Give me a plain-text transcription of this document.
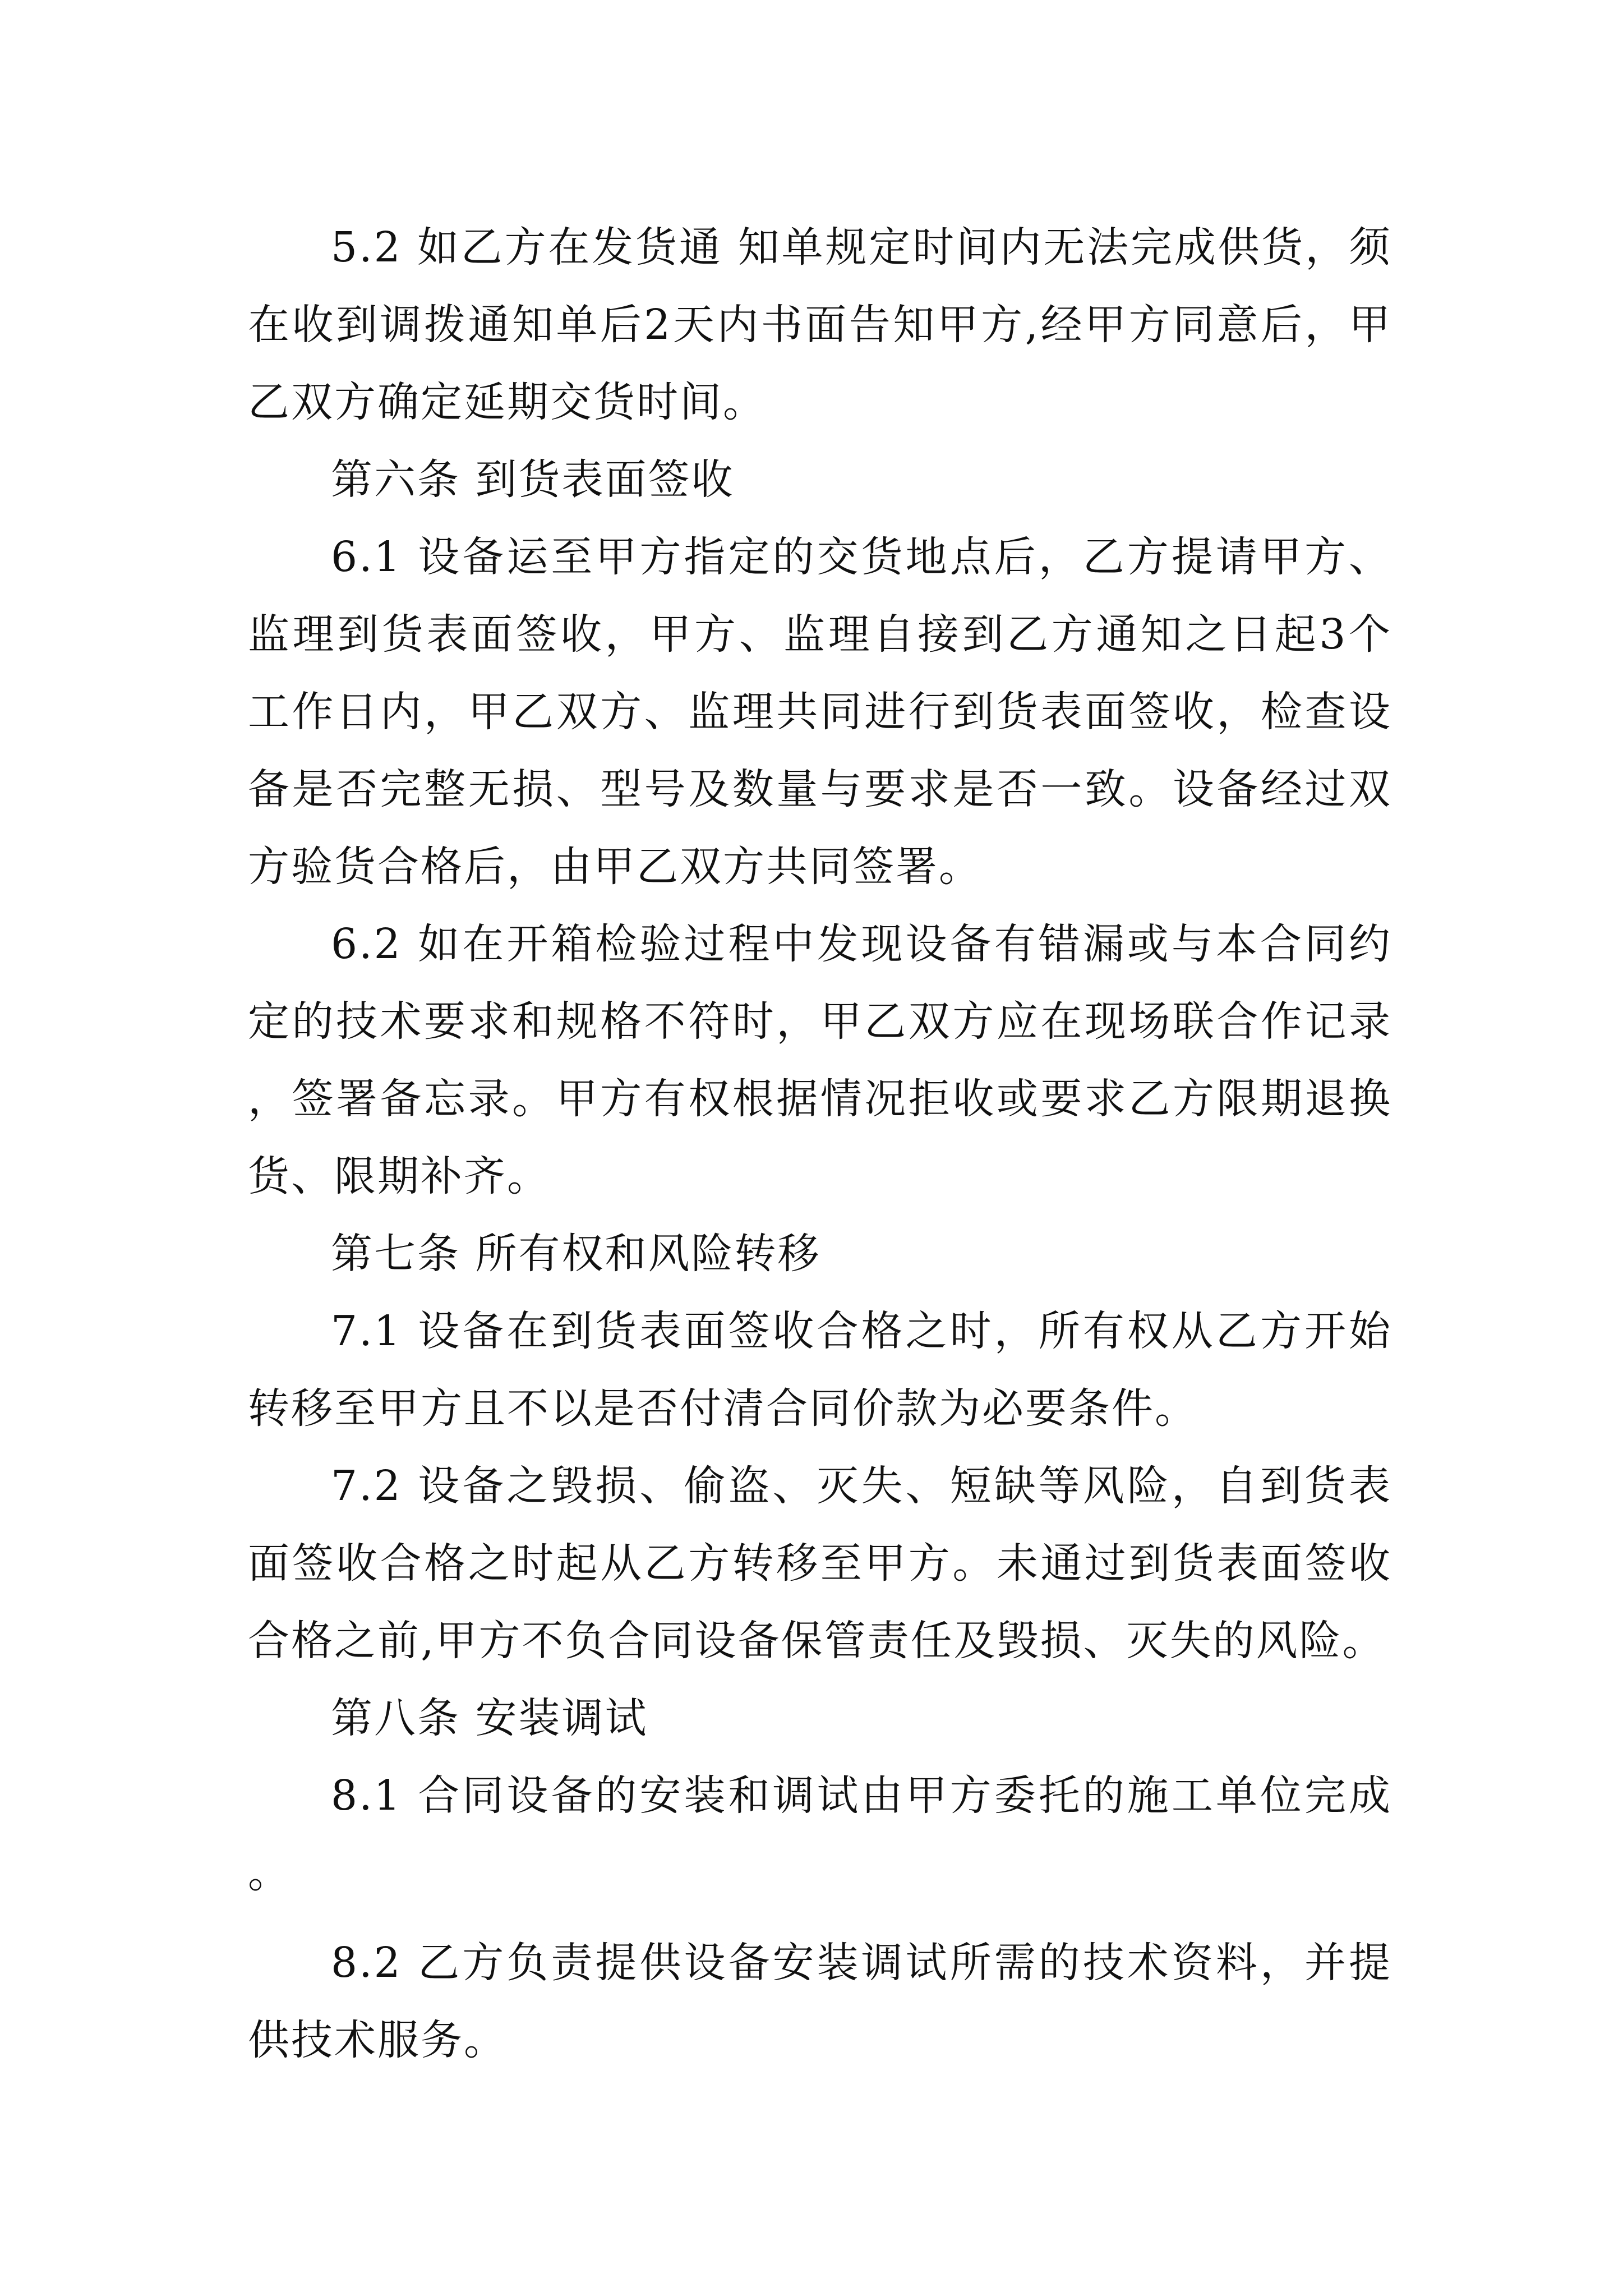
5.2 如乙方在发货通 知单规定时间内无法完成供货，须在收到调拨通知单后2天内书面告知甲方,经甲方同意后，甲乙双方确定延期交货时间。

第六条 到货表面签收

6.1 设备运至甲方指定的交货地点后，乙方提请甲方、监理到货表面签收，甲方、监理自接到乙方通知之日起3个工作日内，甲乙双方、监理共同进行到货表面签收，检查设备是否完整无损、型号及数量与要求是否一致。设备经过双方验货合格后，由甲乙双方共同签署。

6.2 如在开箱检验过程中发现设备有错漏或与本合同约定的技术要求和规格不符时，甲乙双方应在现场联合作记录，签署备忘录。甲方有权根据情况拒收或要求乙方限期退换货、限期补齐。

第七条 所有权和风险转移

7.1 设备在到货表面签收合格之时，所有权从乙方开始转移至甲方且不以是否付清合同价款为必要条件。

7.2 设备之毁损、偷盗、灭失、短缺等风险，自到货表面签收合格之时起从乙方转移至甲方。未通过到货表面签收合格之前,甲方不负合同设备保管责任及毁损、灭失的风险。

第八条 安装调试

8.1 合同设备的安装和调试由甲方委托的施工单位完成。

8.2 乙方负责提供设备安装调试所需的技术资料，并提供技术服务。
